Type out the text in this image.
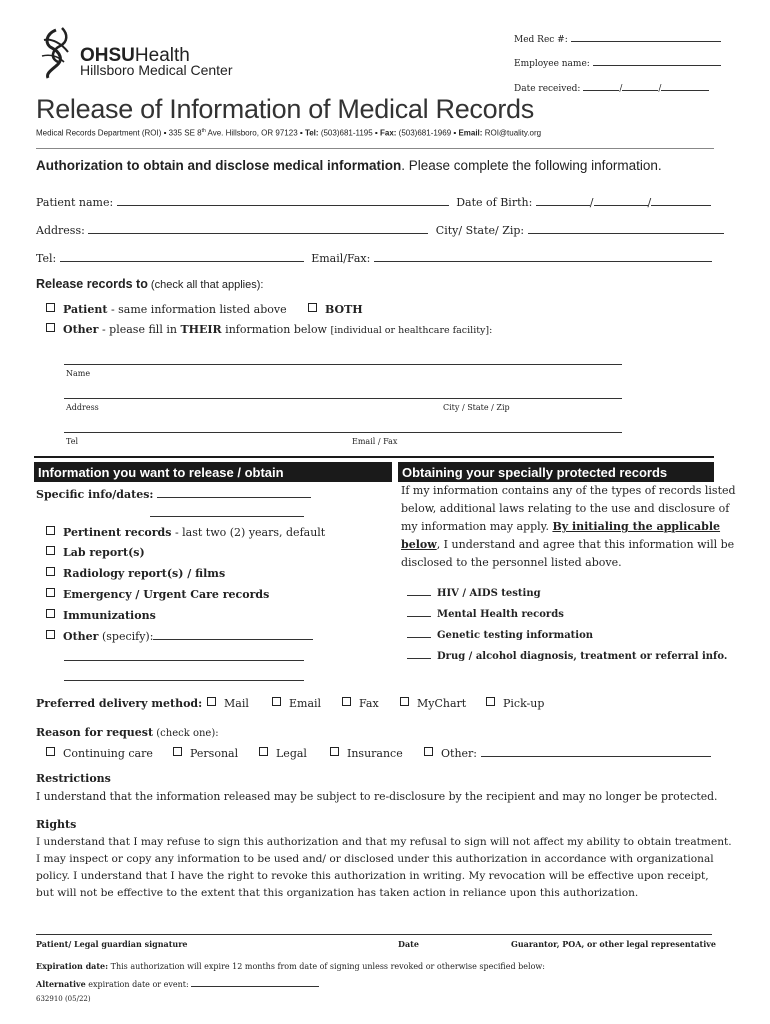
OHSUHealth
Hillsboro Medical Center
Med Rec #:
Employee name:
Date received:	/	/
Release of Information of Medical Records
Medical Records Department (ROI) ▪ 335 SE 8th Ave. Hillsboro, OR 97123 ▪ Tel: (503)681-1195 ▪ Fax: (503)681-1969 ▪ Email: ROI@tuality.org
Authorization to obtain and disclose medical information. Please complete the following information.
Patient name:	Date of Birth:	/	/
Address:	City/ State/ Zip:
Tel:	Email/Fax:
Release records to (check all that applies):
Patient - same information listed above	BOTH
Other - please fill in THEIR information below [individual or healthcare facility]:
Name
Address	City / State / Zip
Tel	Email / Fax
Information you want to release / obtain	Obtaining your specially protected records
Specific info/dates:
Pertinent records - last two (2) years, default
Lab report(s)
Radiology report(s) / films
Emergency / Urgent Care records
Immunizations
Other (specify):
If my information contains any of the types of records listed
below, additional laws relating to the use and disclosure of
my information may apply. By initialing the applicable
below, I understand and agree that this information will be
disclosed to the personnel listed above.
HIV / AIDS testing
Mental Health records
Genetic testing information
Drug / alcohol diagnosis, treatment or referral info.
Preferred delivery method:	Mail	Email	Fax	MyChart	Pick-up
Reason for request (check one):
Continuing care	Personal	Legal	Insurance	Other:
Restrictions
I understand that the information released may be subject to re-disclosure by the recipient and may no longer be protected.
Rights
I understand that I may refuse to sign this authorization and that my refusal to sign will not affect my ability to obtain treatment.
I may inspect or copy any information to be used and/ or disclosed under this authorization in accordance with organizational
policy. I understand that I have the right to revoke this authorization in writing. My revocation will be effective upon receipt,
but will not be effective to the extent that this organization has taken action in reliance upon this authorization.
Patient/ Legal guardian signature	Date	Guarantor, POA, or other legal representative
Expiration date: This authorization will expire 12 months from date of signing unless revoked or otherwise specified below:
Alternative expiration date or event:
632910 (05/22)
